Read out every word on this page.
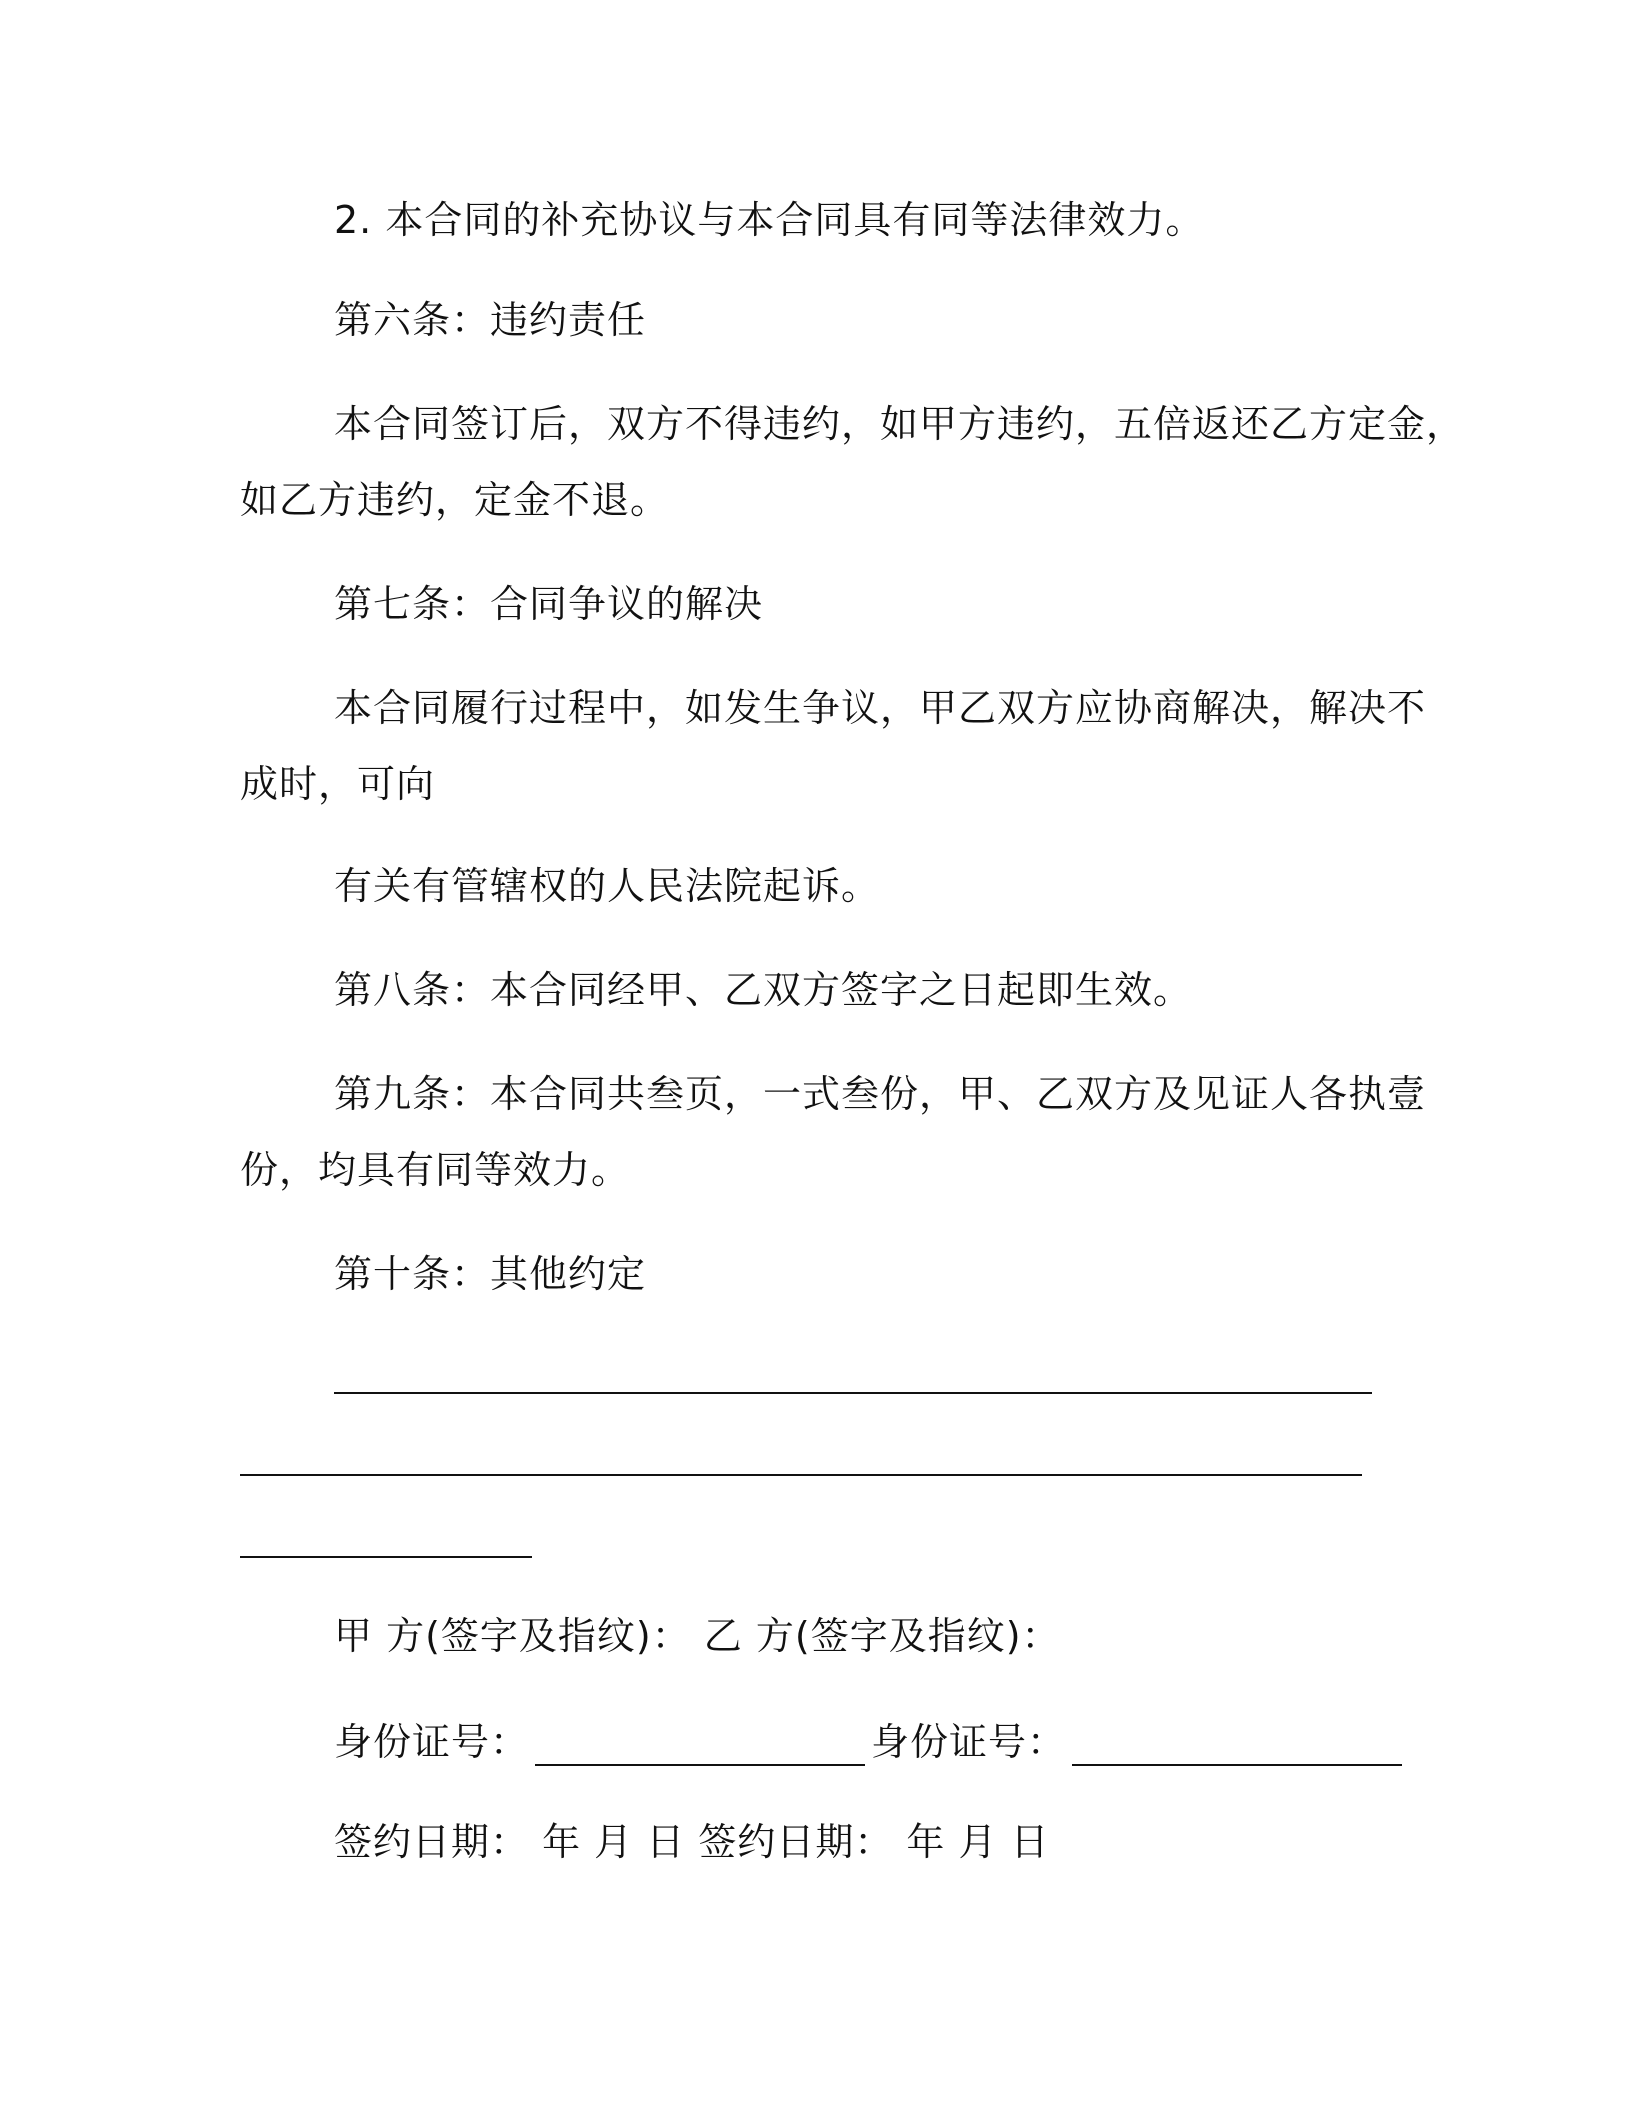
2. 本合同的补充协议与本合同具有同等法律效力。
第六条：违约责任
本合同签订后，双方不得违约，如甲方违约，五倍返还乙方定金，
如乙方违约，定金不退。
第七条：合同争议的解决
本合同履行过程中，如发生争议，甲乙双方应协商解决，解决不
成时，可向
有关有管辖权的人民法院起诉。
第八条：本合同经甲、乙双方签字之日起即生效。
第九条：本合同共叁页，一式叁份，甲、乙双方及见证人各执壹
份，均具有同等效力。
第十条：其他约定
甲 方(签字及指纹)： 乙 方(签字及指纹)：
身份证号：	身份证号：
签约日期： 年 月 日 签约日期： 年 月 日
